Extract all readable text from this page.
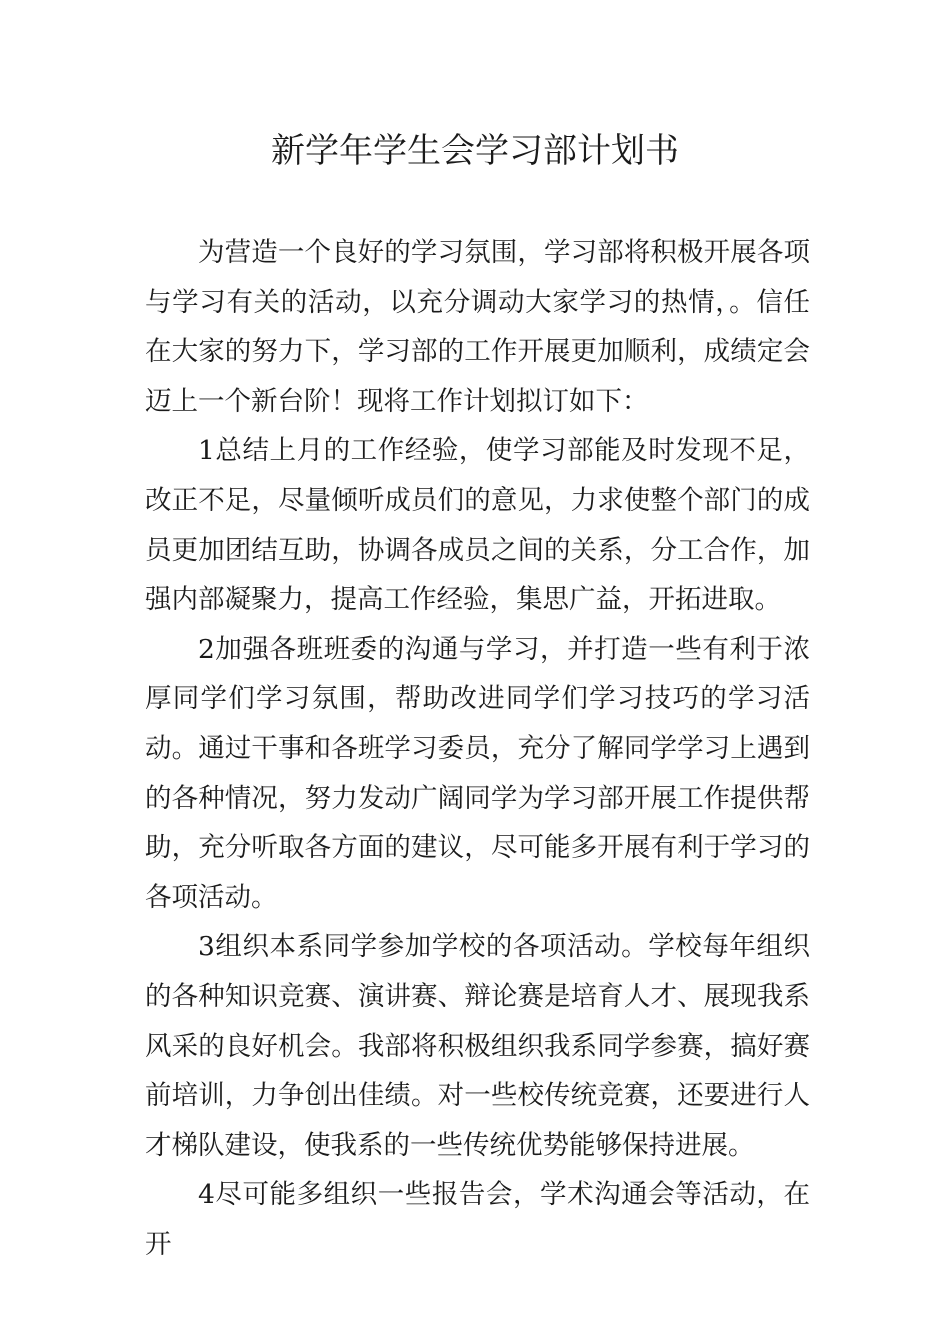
新学年学生会学习部计划书

为营造一个良好的学习氛围，学习部将积极开展各项与学习有关的活动，以充分调动大家学习的热情，。信任在大家的努力下，学习部的工作开展更加顺利，成绩定会迈上一个新台阶！现将工作计划拟订如下：

1总结上月的工作经验，使学习部能及时发现不足，改正不足，尽量倾听成员们的意见，力求使整个部门的成员更加团结互助，协调各成员之间的关系，分工合作，加强内部凝聚力，提高工作经验，集思广益，开拓进取。

2加强各班班委的沟通与学习，并打造一些有利于浓厚同学们学习氛围，帮助改进同学们学习技巧的学习活动。通过干事和各班学习委员，充分了解同学学习上遇到的各种情况，努力发动广阔同学为学习部开展工作提供帮助，充分听取各方面的建议，尽可能多开展有利于学习的各项活动。

3组织本系同学参加学校的各项活动。学校每年组织的各种知识竞赛、演讲赛、辩论赛是培育人才、展现我系风采的良好机会。我部将积极组织我系同学参赛，搞好赛前培训，力争创出佳绩。对一些校传统竞赛，还要进行人才梯队建设，使我系的一些传统优势能够保持进展。

4尽可能多组织一些报告会，学术沟通会等活动，在开
